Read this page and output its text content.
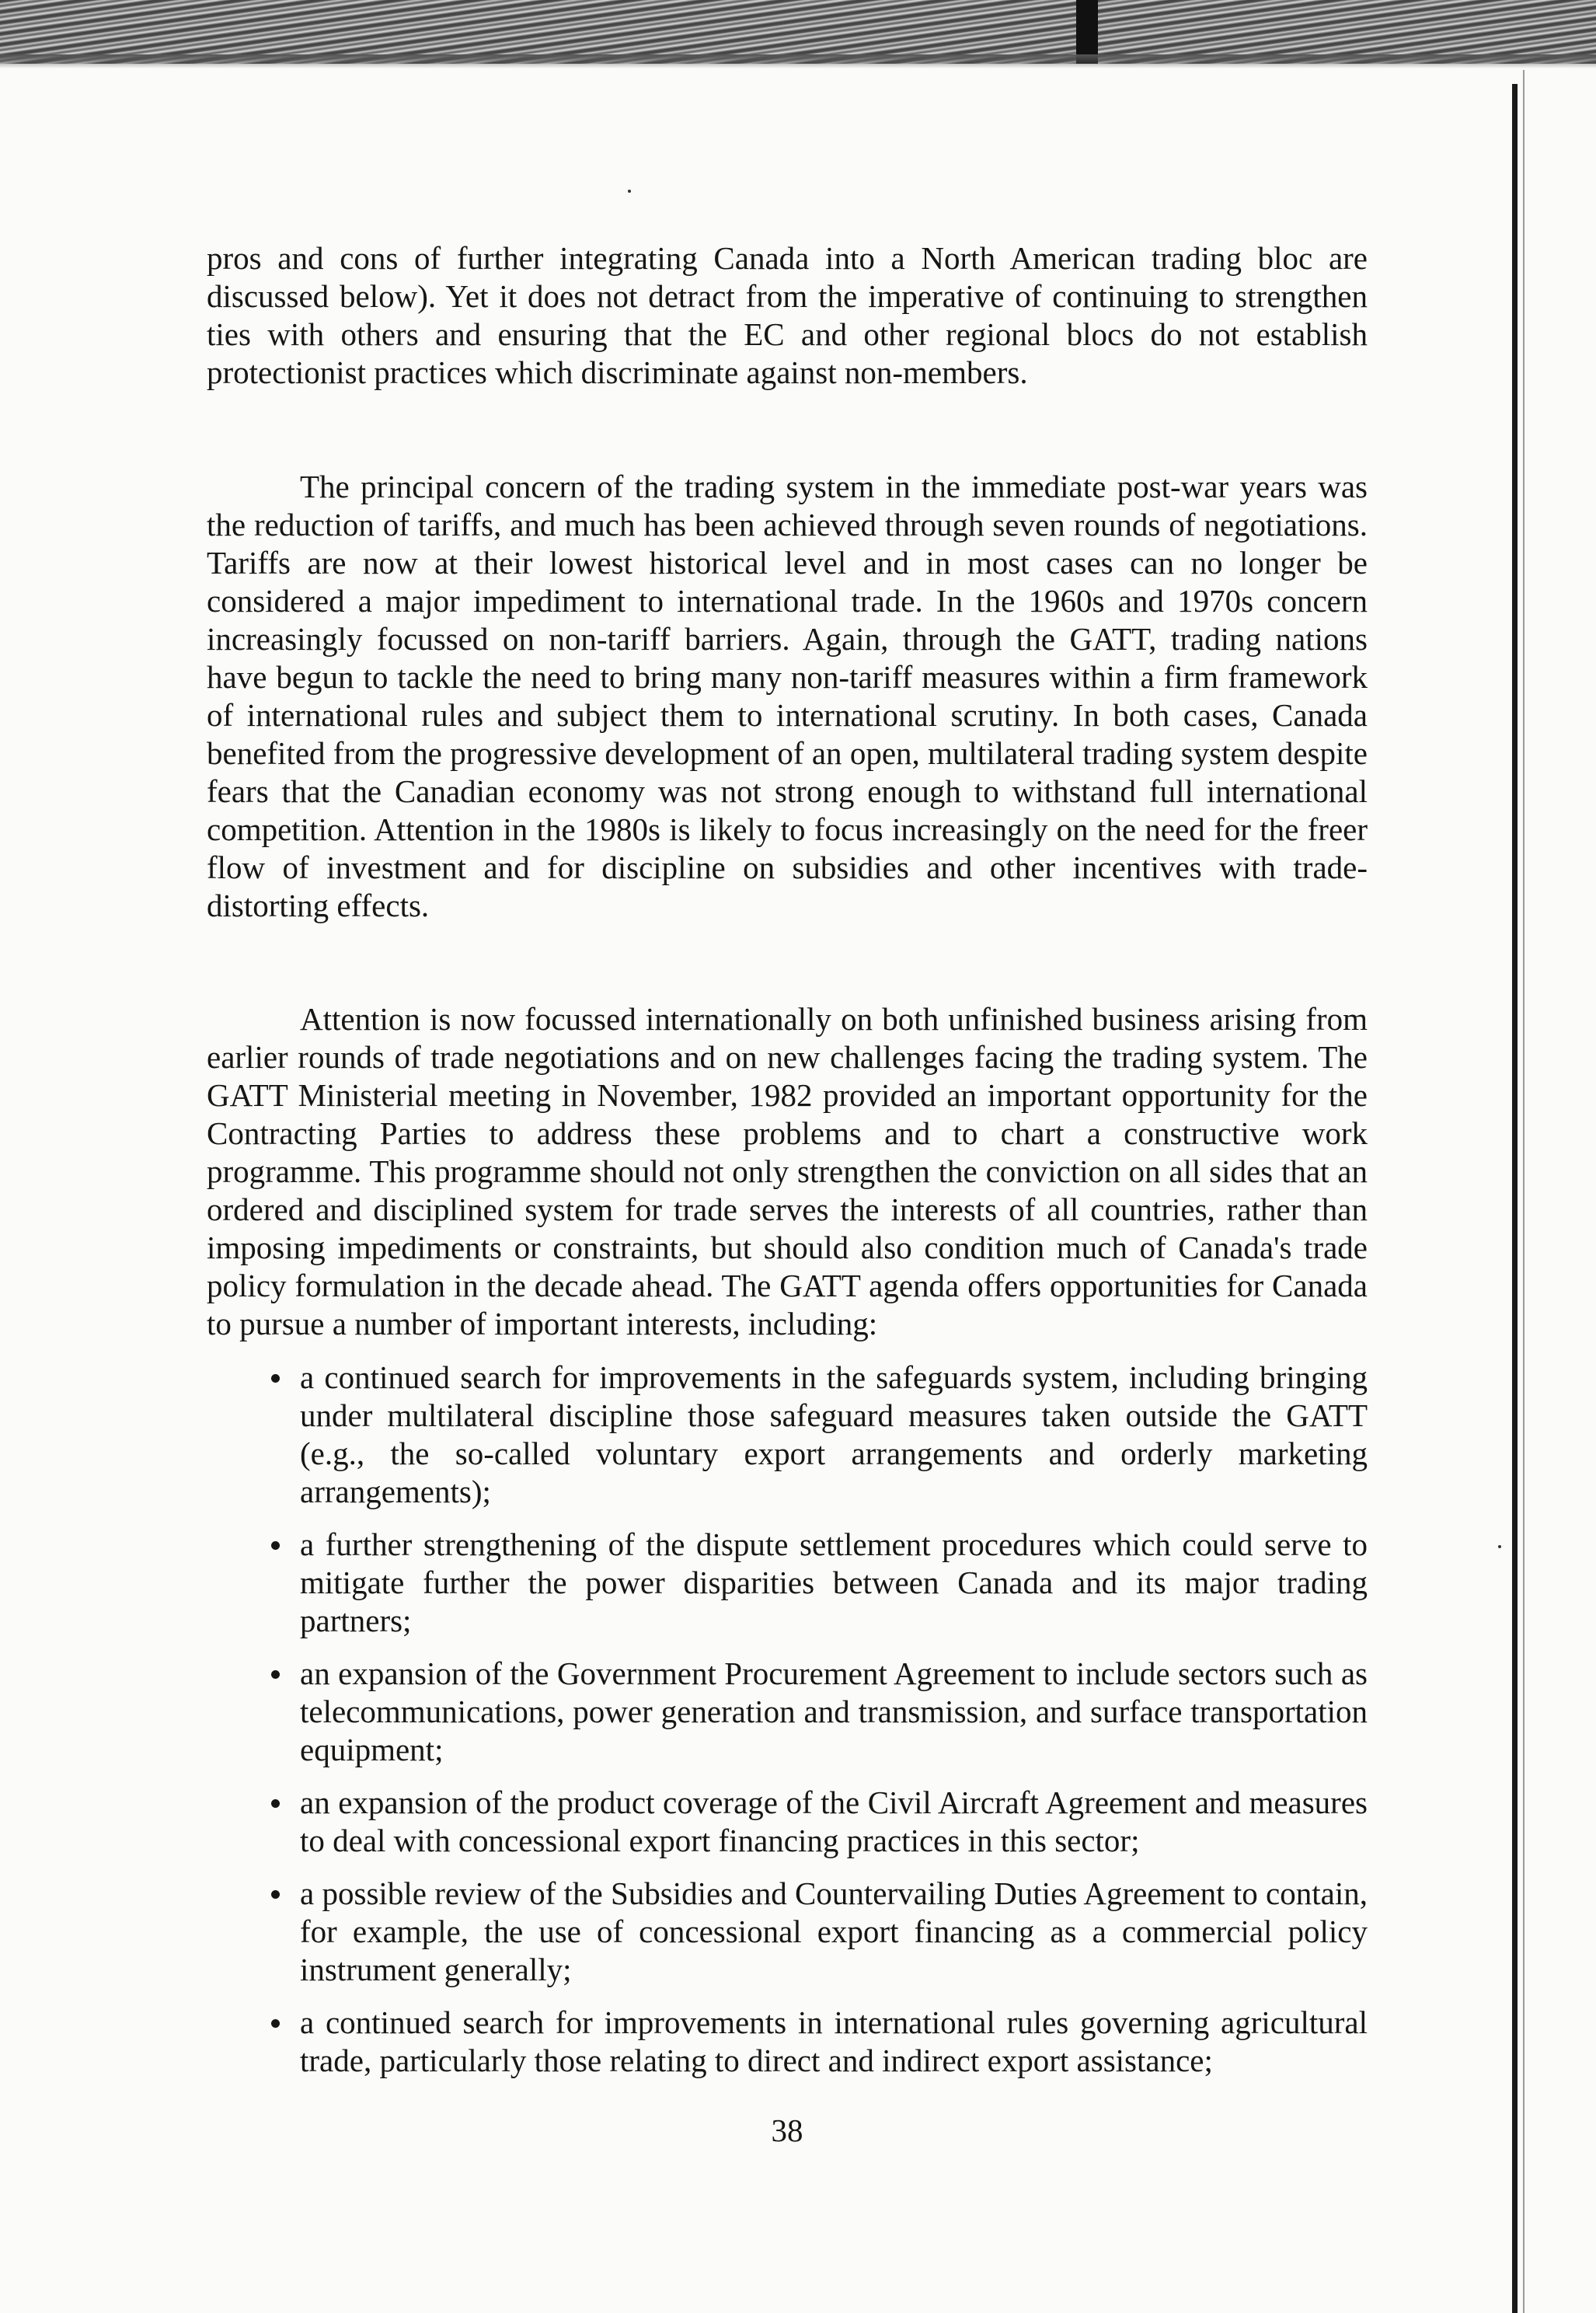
pros and cons of further integrating Canada into a North American trading bloc are discussed below). Yet it does not detract from the imperative of continuing to strengthen ties with others and ensuring that the EC and other regional blocs do not establish protectionist practices which discriminate against non-members.

The principal concern of the trading system in the immediate post-war years was the reduction of tariffs, and much has been achieved through seven rounds of negotiations. Tariffs are now at their lowest historical level and in most cases can no longer be considered a major impediment to international trade. In the 1960s and 1970s concern increasingly focussed on non-tariff barriers. Again, through the GATT, trading nations have begun to tackle the need to bring many non-tariff measures within a firm framework of international rules and subject them to international scrutiny. In both cases, Canada benefited from the progressive development of an open, multilateral trading system despite fears that the Canadian economy was not strong enough to withstand full international competition. Attention in the 1980s is likely to focus increasingly on the need for the freer flow of investment and for discipline on subsidies and other incentives with trade-distorting effects.

Attention is now focussed internationally on both unfinished business arising from earlier rounds of trade negotiations and on new challenges facing the trading system. The GATT Ministerial meeting in November, 1982 provided an important opportunity for the Contracting Parties to address these problems and to chart a constructive work programme. This programme should not only strengthen the conviction on all sides that an ordered and disciplined system for trade serves the interests of all countries, rather than imposing impediments or constraints, but should also condition much of Canada's trade policy formulation in the decade ahead. The GATT agenda offers opportunities for Canada to pursue a number of important interests, including:

a continued search for improvements in the safeguards system, including bringing under multilateral discipline those safeguard measures taken outside the GATT (e.g., the so-called voluntary export arrangements and orderly marketing arrangements);
a further strengthening of the dispute settlement procedures which could serve to mitigate further the power disparities between Canada and its major trading partners;
an expansion of the Government Procurement Agreement to include sectors such as telecommunications, power generation and transmission, and surface transportation equipment;
an expansion of the product coverage of the Civil Aircraft Agreement and measures to deal with concessional export financing practices in this sector;
a possible review of the Subsidies and Countervailing Duties Agreement to contain, for example, the use of concessional export financing as a commercial policy instrument generally;
a continued search for improvements in international rules governing agricultural trade, particularly those relating to direct and indirect export assistance;
38
